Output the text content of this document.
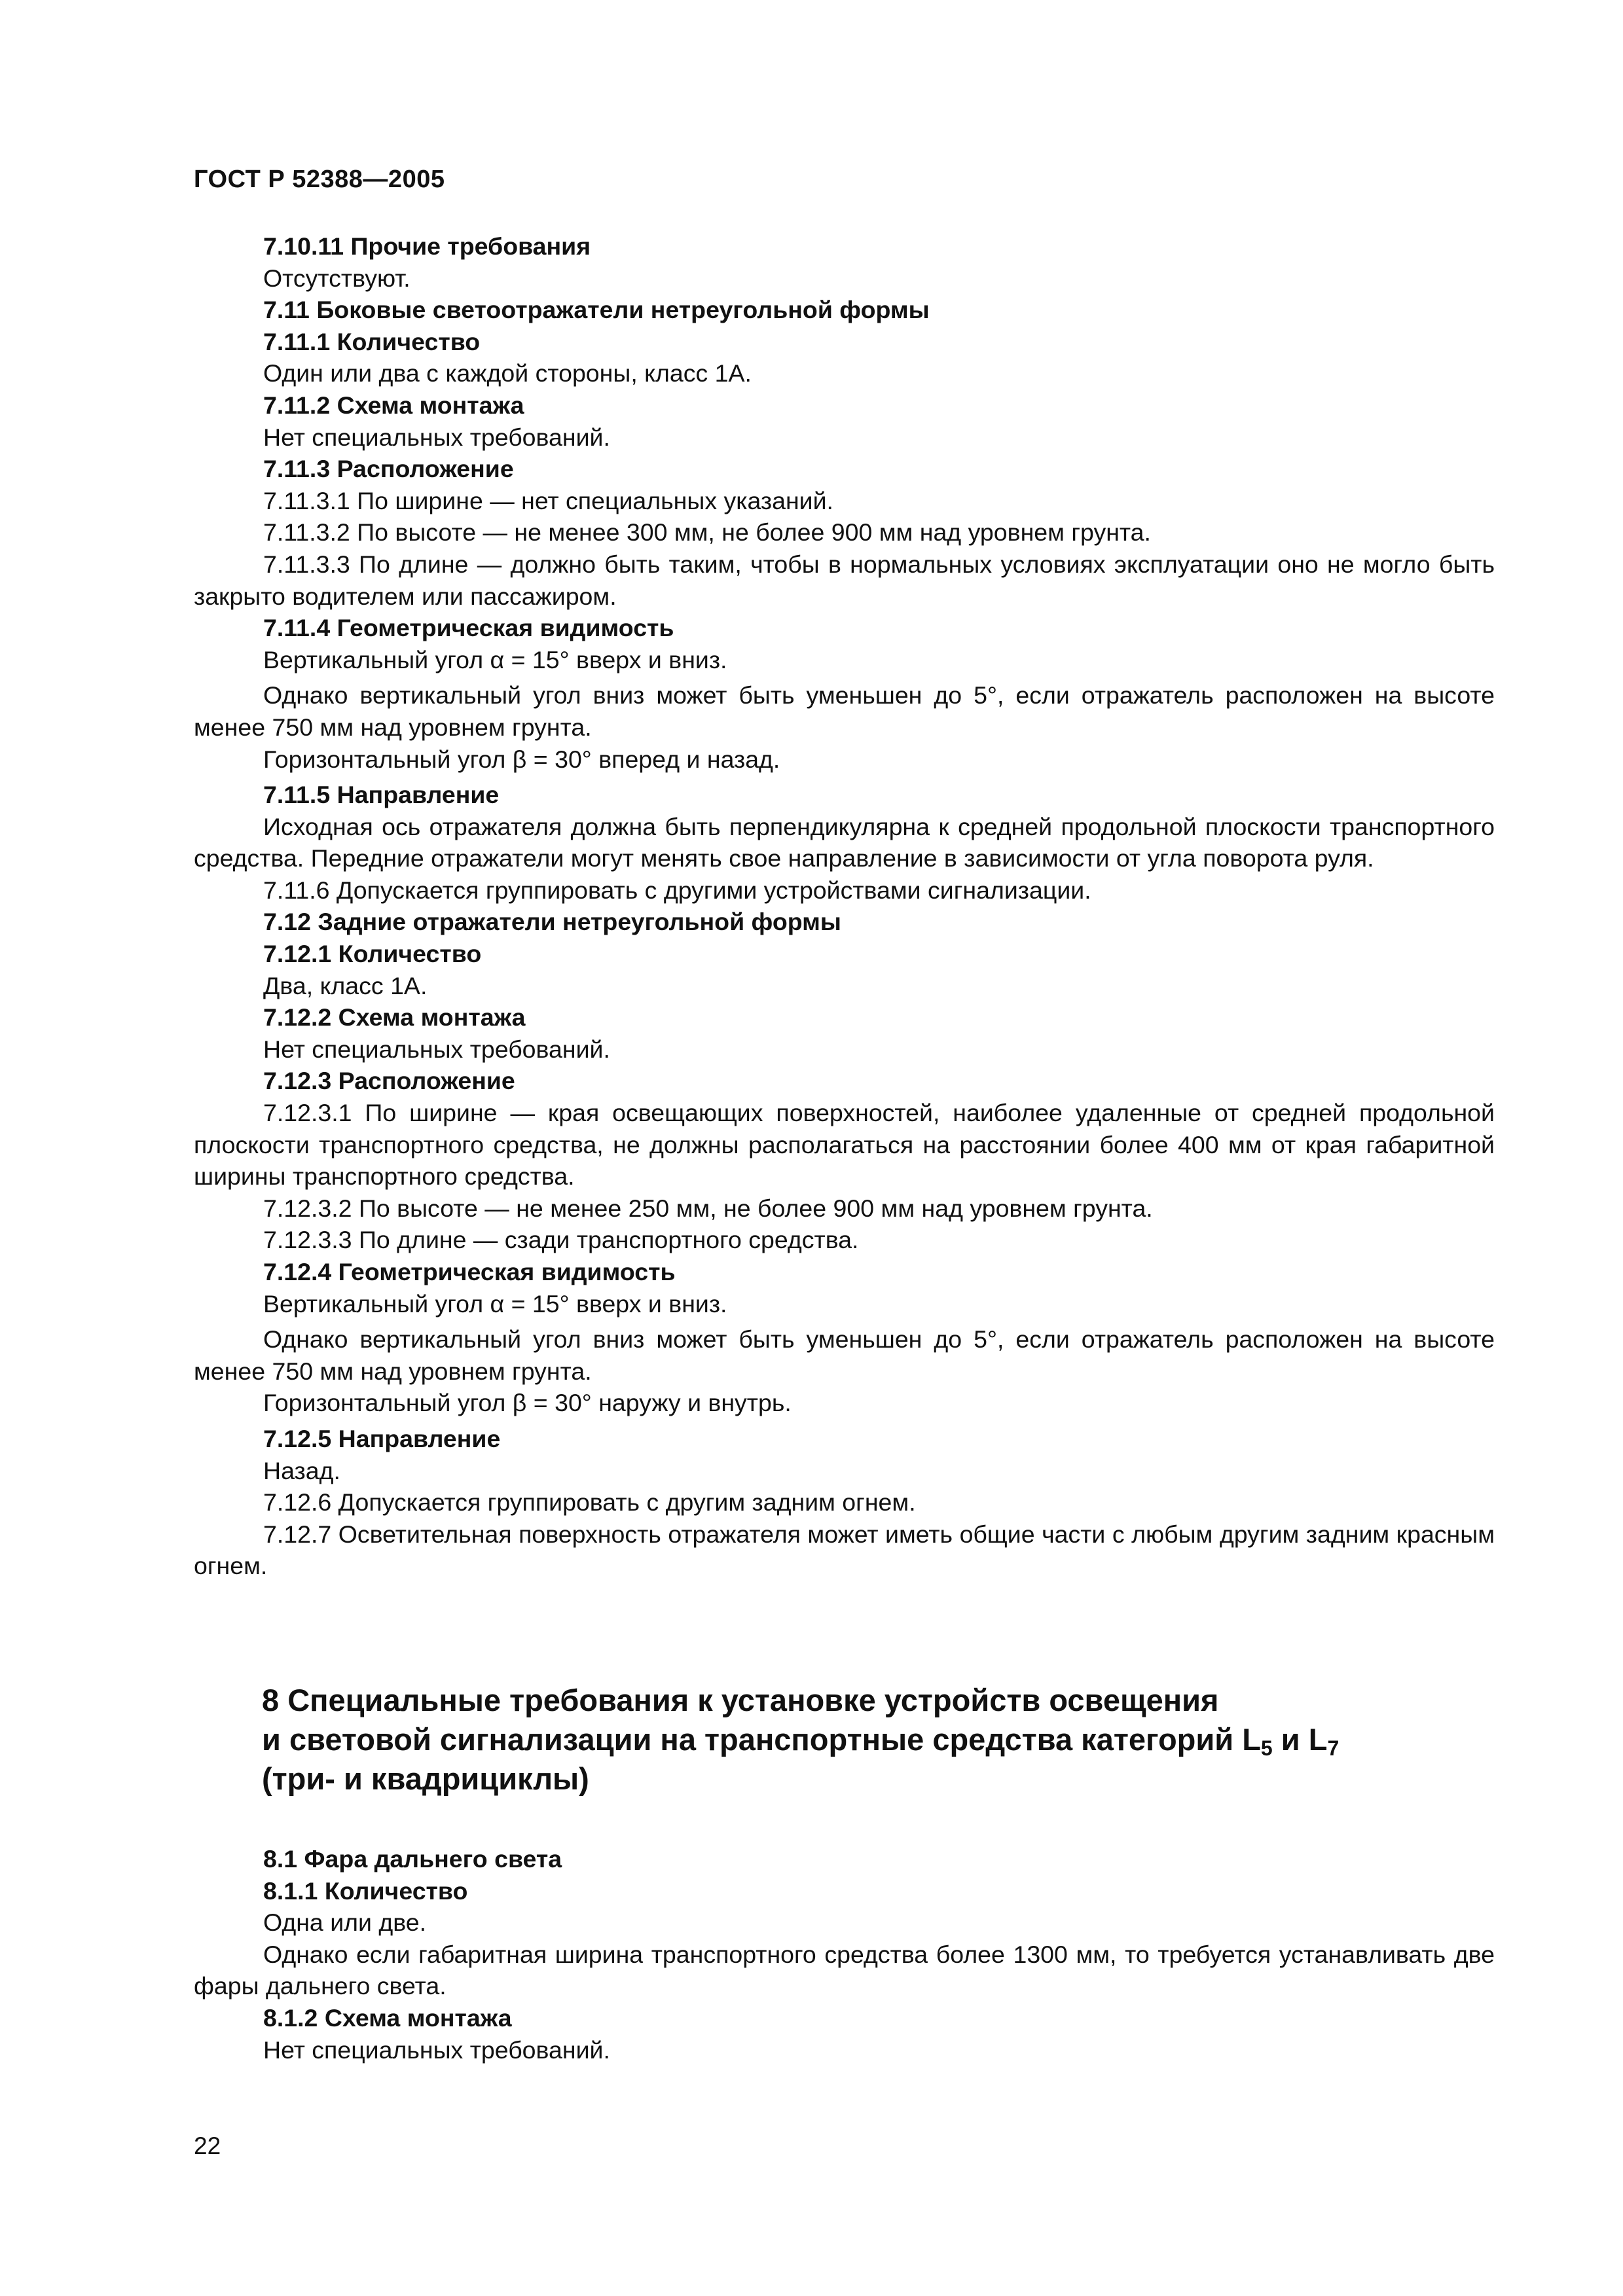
ГОСТ Р 52388—2005

7.10.11 Прочие требования

Отсутствуют.

7.11 Боковые светоотражатели нетреугольной формы

7.11.1 Количество

Один или два с каждой стороны, класс 1А.

7.11.2 Схема монтажа

Нет специальных требований.

7.11.3 Расположение

7.11.3.1 По ширине — нет специальных указаний.

7.11.3.2 По высоте — не менее 300 мм, не более 900 мм над уровнем грунта.

7.11.3.3 По длине — должно быть таким, чтобы в нормальных условиях эксплуатации оно не могло быть закрыто водителем или пассажиром.

7.11.4 Геометрическая видимость

Вертикальный угол α = 15° вверх и вниз.

Однако вертикальный угол вниз может быть уменьшен до 5°, если отражатель расположен на высоте менее 750 мм над уровнем грунта.

Горизонтальный угол β = 30° вперед и назад.

7.11.5 Направление

Исходная ось отражателя должна быть перпендикулярна к средней продольной плоскости транспортного средства. Передние отражатели могут менять свое направление в зависимости от угла поворота руля.

7.11.6 Допускается группировать с другими устройствами сигнализации.

7.12 Задние отражатели нетреугольной формы

7.12.1 Количество

Два, класс 1А.

7.12.2 Схема монтажа

Нет специальных требований.

7.12.3 Расположение

7.12.3.1 По ширине — края освещающих поверхностей, наиболее удаленные от средней продольной плоскости транспортного средства, не должны располагаться на расстоянии более 400 мм от края габаритной ширины транспортного средства.

7.12.3.2 По высоте — не менее 250 мм, не более 900 мм над уровнем грунта.

7.12.3.3 По длине — сзади транспортного средства.

7.12.4 Геометрическая видимость

Вертикальный угол α = 15° вверх и вниз.

Однако вертикальный угол вниз может быть уменьшен до 5°, если отражатель расположен на высоте менее 750 мм над уровнем грунта.

Горизонтальный угол β = 30° наружу и внутрь.

7.12.5 Направление

Назад.

7.12.6 Допускается группировать с другим задним огнем.

7.12.7 Осветительная поверхность отражателя может иметь общие части с любым другим задним красным огнем.

8 Специальные требования к установке устройств освещения
и световой сигнализации на транспортные средства категорий $L_5$ и $L_7$
(три- и квадрициклы)

8.1 Фара дальнего света

8.1.1 Количество

Одна или две.

Однако если габаритная ширина транспортного средства более 1300 мм, то требуется устанавливать две фары дальнего света.

8.1.2 Схема монтажа

Нет специальных требований.

22
